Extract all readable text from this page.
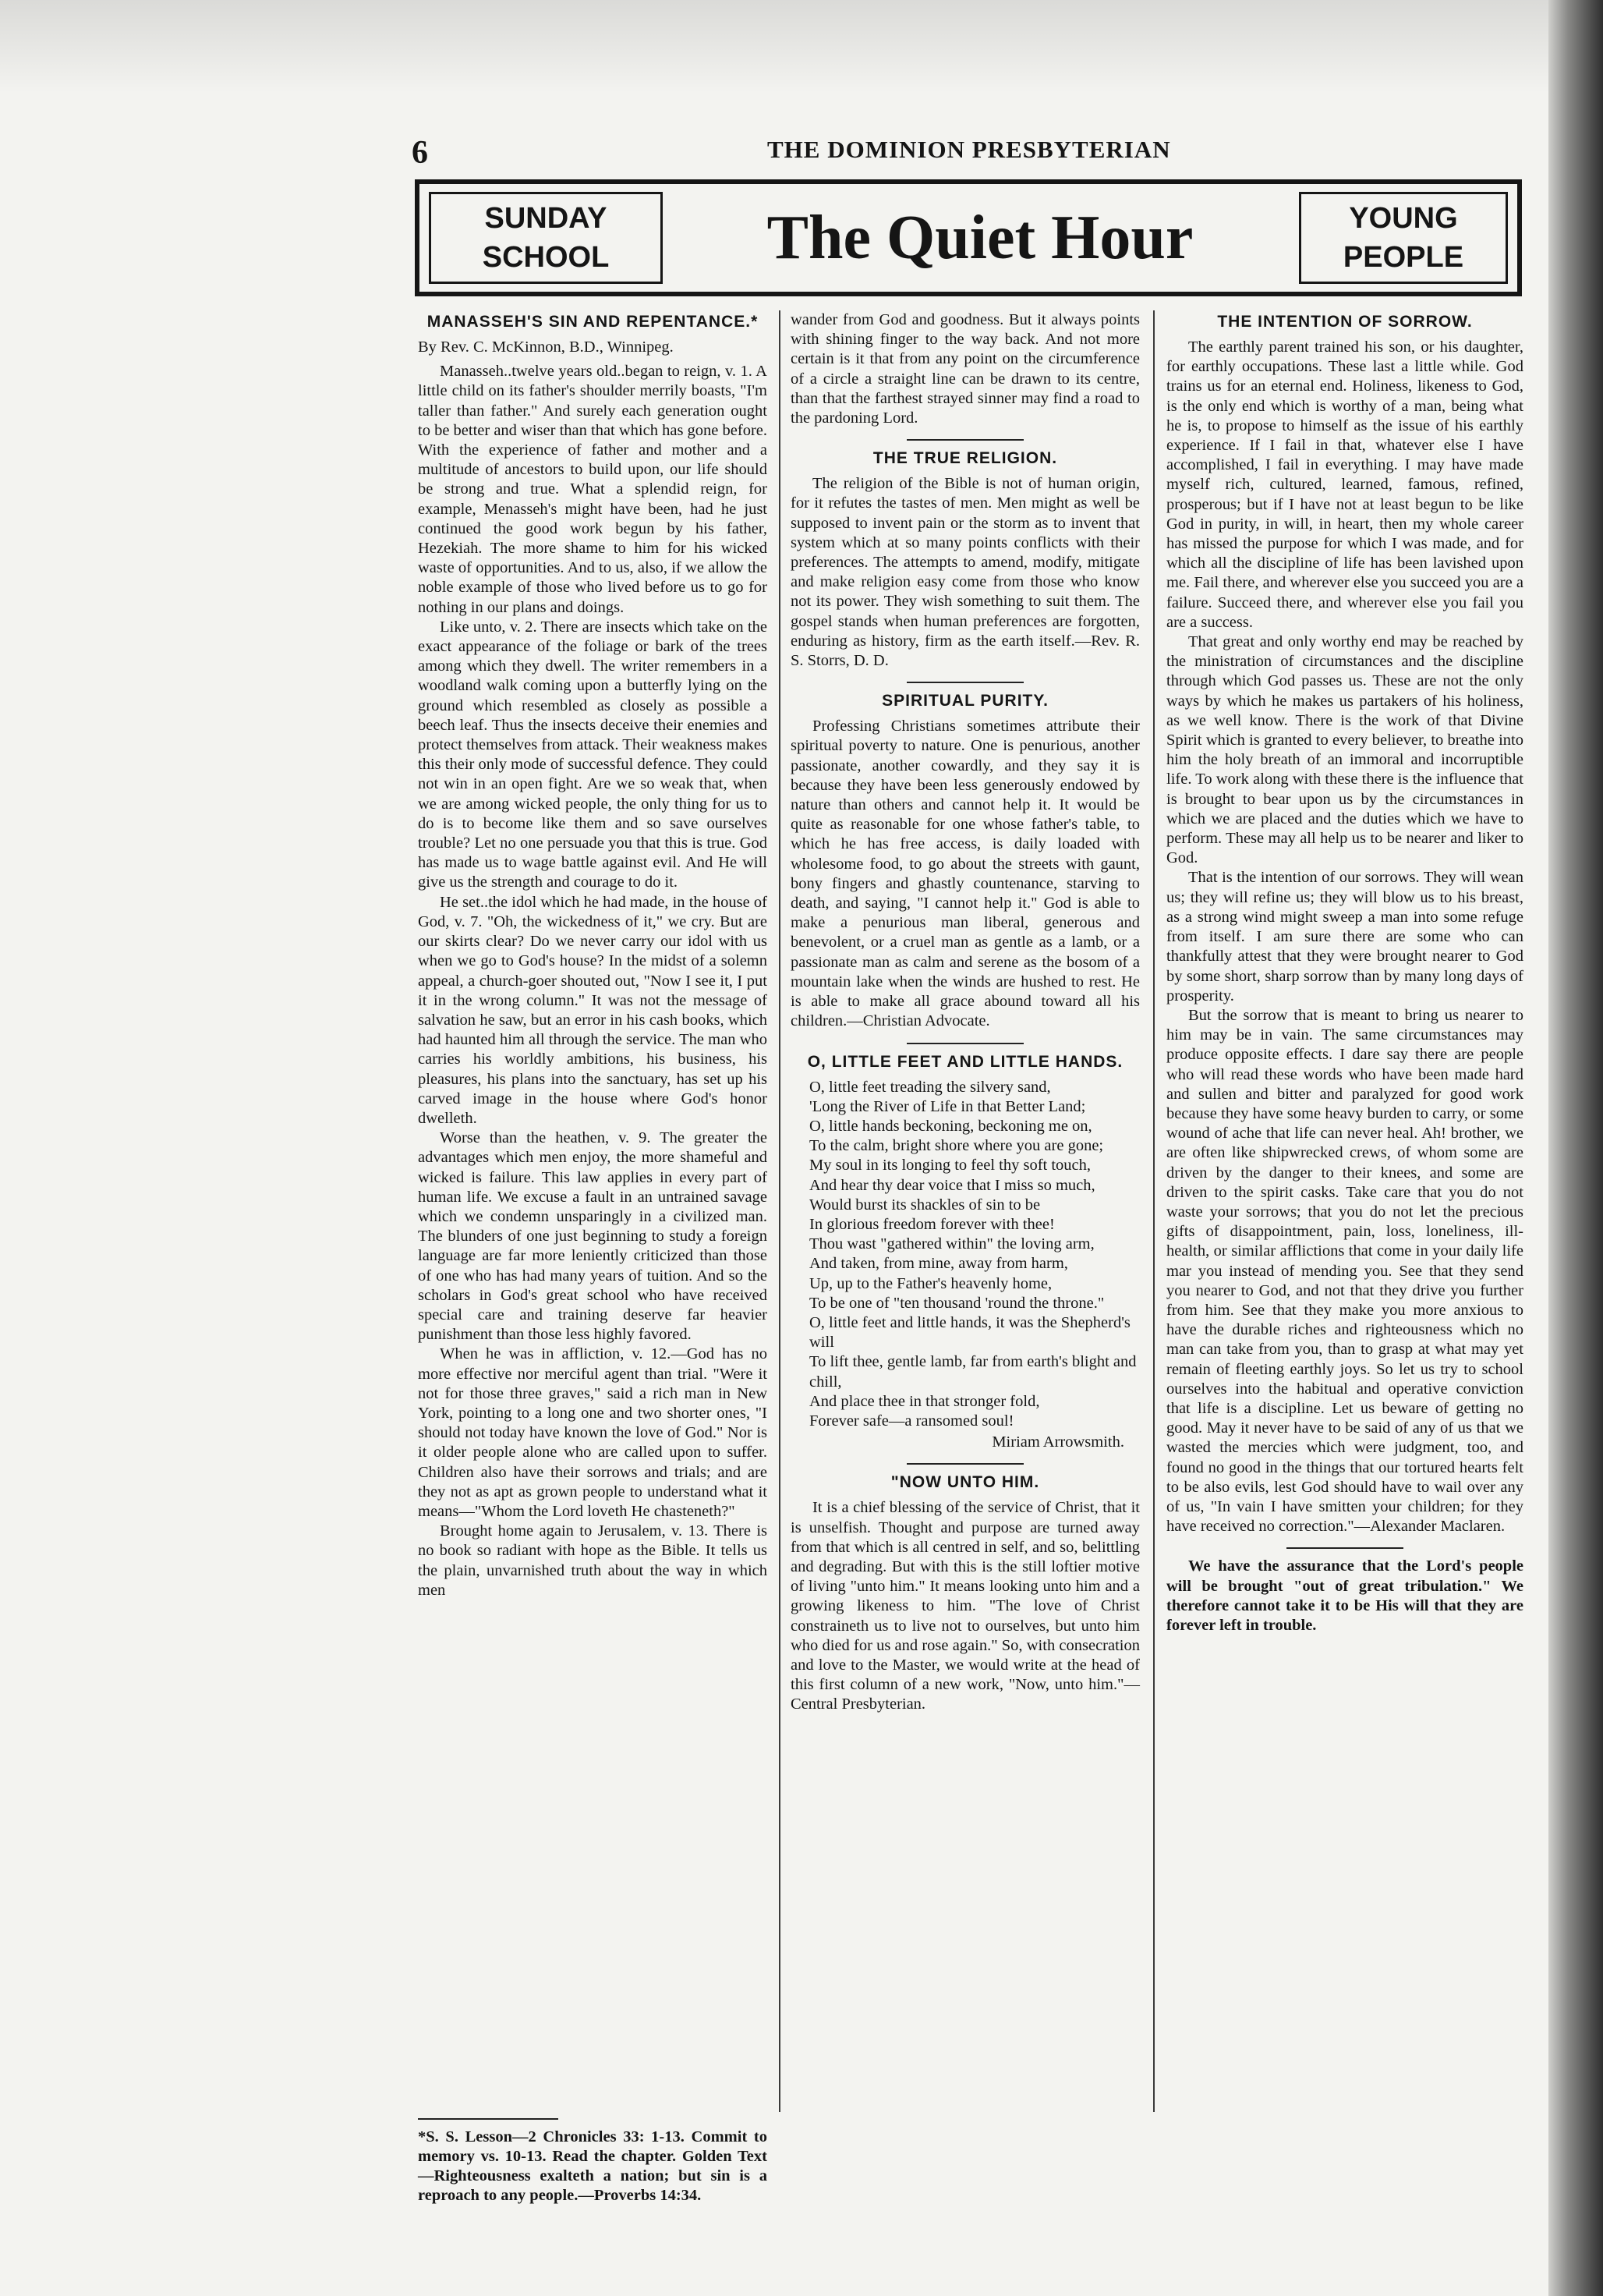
6	THE DOMINION PRESBYTERIAN
SUNDAY
SCHOOL	The Quiet Hour	YOUNG
PEOPLE
MANASSEH'S SIN AND REPENTANCE.*

By Rev. C. McKinnon, B.D., Winnipeg.

Manasseh..twelve years old..began to reign, v. 1. A little child on its father's shoulder merrily boasts, "I'm taller than father." And surely each generation ought to be better and wiser than that which has gone before. With the experience of father and mother and a multitude of ancestors to build upon, our life should be strong and true. What a splendid reign, for example, Menasseh's might have been, had he just continued the good work begun by his father, Hezekiah. The more shame to him for his wicked waste of opportunities. And to us, also, if we allow the noble example of those who lived before us to go for nothing in our plans and doings.

Like unto, v. 2. There are insects which take on the exact appearance of the foliage or bark of the trees among which they dwell. The writer remembers in a woodland walk coming upon a butterfly lying on the ground which resembled as closely as possible a beech leaf. Thus the insects deceive their enemies and protect themselves from attack. Their weakness makes this their only mode of successful defence. They could not win in an open fight. Are we so weak that, when we are among wicked people, the only thing for us to do is to become like them and so save ourselves trouble? Let no one persuade you that this is true. God has made us to wage battle against evil. And He will give us the strength and courage to do it.

He set..the idol which he had made, in the house of God, v. 7. "Oh, the wickedness of it," we cry. But are our skirts clear? Do we never carry our idol with us when we go to God's house? In the midst of a solemn appeal, a church-goer shouted out, "Now I see it, I put it in the wrong column." It was not the message of salvation he saw, but an error in his cash books, which had haunted him all through the service. The man who carries his worldly ambitions, his business, his pleasures, his plans into the sanctuary, has set up his carved image in the house where God's honor dwelleth.

Worse than the heathen, v. 9. The greater the advantages which men enjoy, the more shameful and wicked is failure. This law applies in every part of human life. We excuse a fault in an untrained savage which we condemn unsparingly in a civilized man. The blunders of one just beginning to study a foreign language are far more leniently criticized than those of one who has had many years of tuition. And so the scholars in God's great school who have received special care and training deserve far heavier punishment than those less highly favored.

When he was in affliction, v. 12.—God has no more effective nor merciful agent than trial. "Were it not for those three graves," said a rich man in New York, pointing to a long one and two shorter ones, "I should not today have known the love of God." Nor is it older people alone who are called upon to suffer. Children also have their sorrows and trials; and are they not as apt as grown people to understand what it means—"Whom the Lord loveth He chasteneth?"

Brought home again to Jerusalem, v. 13. There is no book so radiant with hope as the Bible. It tells us the plain, unvarnished truth about the way in which men

*S. S. Lesson—2 Chronicles 33: 1-13. Commit to memory vs. 10-13. Read the chapter. Golden Text—Righteousness exalteth a nation; but sin is a reproach to any people.—Proverbs 14:34.

wander from God and goodness. But it always points with shining finger to the way back. And not more certain is it that from any point on the circumference of a circle a straight line can be drawn to its centre, than that the farthest strayed sinner may find a road to the pardoning Lord.

THE TRUE RELIGION.

The religion of the Bible is not of human origin, for it refutes the tastes of men. Men might as well be supposed to invent pain or the storm as to invent that system which at so many points conflicts with their preferences. The attempts to amend, modify, mitigate and make religion easy come from those who know not its power. They wish something to suit them. The gospel stands when human preferences are forgotten, enduring as history, firm as the earth itself.—Rev. R. S. Storrs, D. D.

SPIRITUAL PURITY.

Professing Christians sometimes attribute their spiritual poverty to nature. One is penurious, another passionate, another cowardly, and they say it is because they have been less generously endowed by nature than others and cannot help it. It would be quite as reasonable for one whose father's table, to which he has free access, is daily loaded with wholesome food, to go about the streets with gaunt, bony fingers and ghastly countenance, starving to death, and saying, "I cannot help it." God is able to make a penurious man liberal, generous and benevolent, or a cruel man as gentle as a lamb, or a passionate man as calm and serene as the bosom of a mountain lake when the winds are hushed to rest. He is able to make all grace abound toward all his children.—Christian Advocate.

O, LITTLE FEET AND LITTLE HANDS.

O, little feet treading the silvery sand,

'Long the River of Life in that Better Land;

O, little hands beckoning, beckoning me on,

To the calm, bright shore where you are gone;

My soul in its longing to feel thy soft touch,

And hear thy dear voice that I miss so much,

Would burst its shackles of sin to be

In glorious freedom forever with thee!

Thou wast "gathered within" the loving arm,

And taken, from mine, away from harm,

Up, up to the Father's heavenly home,

To be one of "ten thousand 'round the throne."

O, little feet and little hands, it was the Shepherd's will

To lift thee, gentle lamb, far from earth's blight and chill,

And place thee in that stronger fold,

Forever safe—a ransomed soul!

Miriam Arrowsmith.

"NOW UNTO HIM.

It is a chief blessing of the service of Christ, that it is unselfish. Thought and purpose are turned away from that which is all centred in self, and so, belittling and degrading. But with this is the still loftier motive of living "unto him." It means looking unto him and a growing likeness to him. "The love of Christ constraineth us to live not to ourselves, but unto him who died for us and rose again." So, with consecration and love to the Master, we would write at the head of this first column of a new work, "Now, unto him."—Central Presbyterian.

THE INTENTION OF SORROW.

The earthly parent trained his son, or his daughter, for earthly occupations. These last a little while. God trains us for an eternal end. Holiness, likeness to God, is the only end which is worthy of a man, being what he is, to propose to himself as the issue of his earthly experience. If I fail in that, whatever else I have accomplished, I fail in everything. I may have made myself rich, cultured, learned, famous, refined, prosperous; but if I have not at least begun to be like God in purity, in will, in heart, then my whole career has missed the purpose for which I was made, and for which all the discipline of life has been lavished upon me. Fail there, and wherever else you succeed you are a failure. Succeed there, and wherever else you fail you are a success.

That great and only worthy end may be reached by the ministration of circumstances and the discipline through which God passes us. These are not the only ways by which he makes us partakers of his holiness, as we well know. There is the work of that Divine Spirit which is granted to every believer, to breathe into him the holy breath of an immoral and incorruptible life. To work along with these there is the influence that is brought to bear upon us by the circumstances in which we are placed and the duties which we have to perform. These may all help us to be nearer and liker to God.

That is the intention of our sorrows. They will wean us; they will refine us; they will blow us to his breast, as a strong wind might sweep a man into some refuge from itself. I am sure there are some who can thankfully attest that they were brought nearer to God by some short, sharp sorrow than by many long days of prosperity.

But the sorrow that is meant to bring us nearer to him may be in vain. The same circumstances may produce opposite effects. I dare say there are people who will read these words who have been made hard and sullen and bitter and paralyzed for good work because they have some heavy burden to carry, or some wound of ache that life can never heal. Ah! brother, we are often like shipwrecked crews, of whom some are driven by the danger to their knees, and some are driven to the spirit casks. Take care that you do not waste your sorrows; that you do not let the precious gifts of disappointment, pain, loss, loneliness, ill-health, or similar afflictions that come in your daily life mar you instead of mending you. See that they send you nearer to God, and not that they drive you further from him. See that they make you more anxious to have the durable riches and righteousness which no man can take from you, than to grasp at what may yet remain of fleeting earthly joys. So let us try to school ourselves into the habitual and operative conviction that life is a discipline. Let us beware of getting no good. May it never have to be said of any of us that we wasted the mercies which were judgment, too, and found no good in the things that our tortured hearts felt to be also evils, lest God should have to wail over any of us, "In vain I have smitten your children; for they have received no correction."—Alexander Maclaren.

We have the assurance that the Lord's people will be brought "out of great tribulation." We therefore cannot take it to be His will that they are forever left in trouble.
